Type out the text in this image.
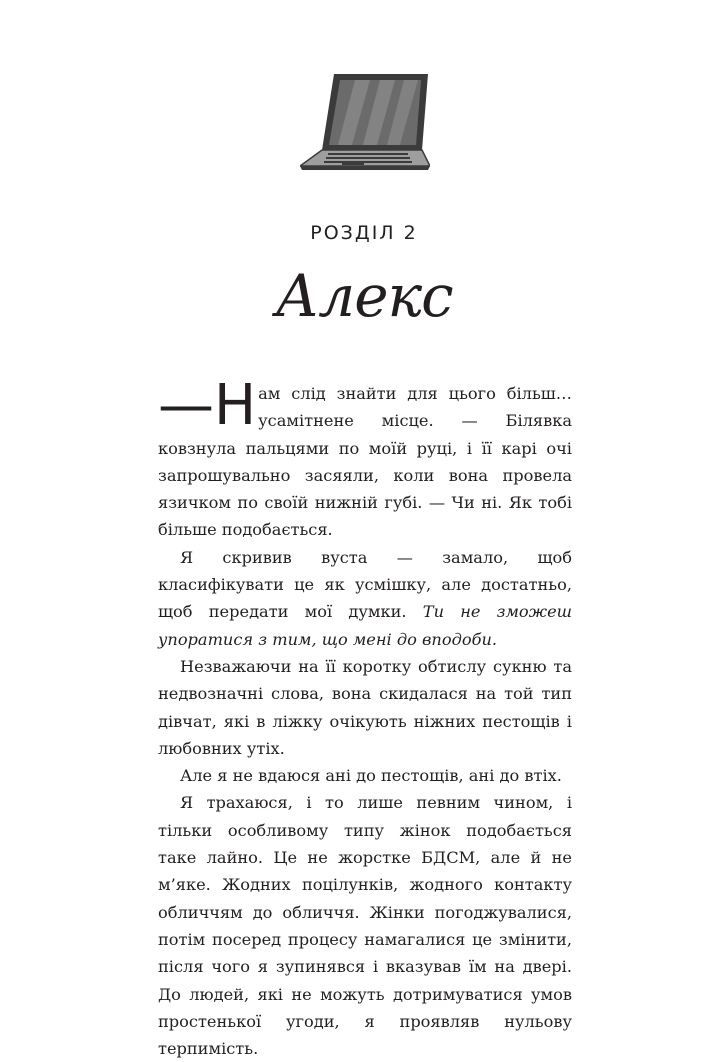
РОЗДІЛ 2
Алекс

—Н ам слід знайти для цього більш… усамітнене місце. — Білявка ковзнула пальцями по моїй руці, і її карі очі запрошувально засяяли, коли вона провела язичком по своїй нижній губі. — Чи ні. Як тобі більше подобається.

Я скривив вуста — замало, щоб класифікувати це як усмішку, але достатньо, щоб передати мої думки. Ти не зможеш упоратися з тим, що мені до вподоби.

Незважаючи на її коротку обтислу сукню та недвозначні слова, вона скидалася на той тип дівчат, які в ліжку очікують ніжних пестощів і любовних утіх.

Але я не вдаюся ані до пестощів, ані до втіх.

Я трахаюся, і то лише певним чином, і тільки особливому типу жінок подобається таке лайно. Це не жорстке БДСМ, але й не м’яке. Жодних поцілунків, жодного контакту обличчям до обличчя. Жінки погоджувалися, потім посеред процесу намагалися це змінити, після чого я зупинявся і вказував їм на двері. До людей, які не можуть дотримуватися умов простенької угоди, я проявляв нульову терпимість.
